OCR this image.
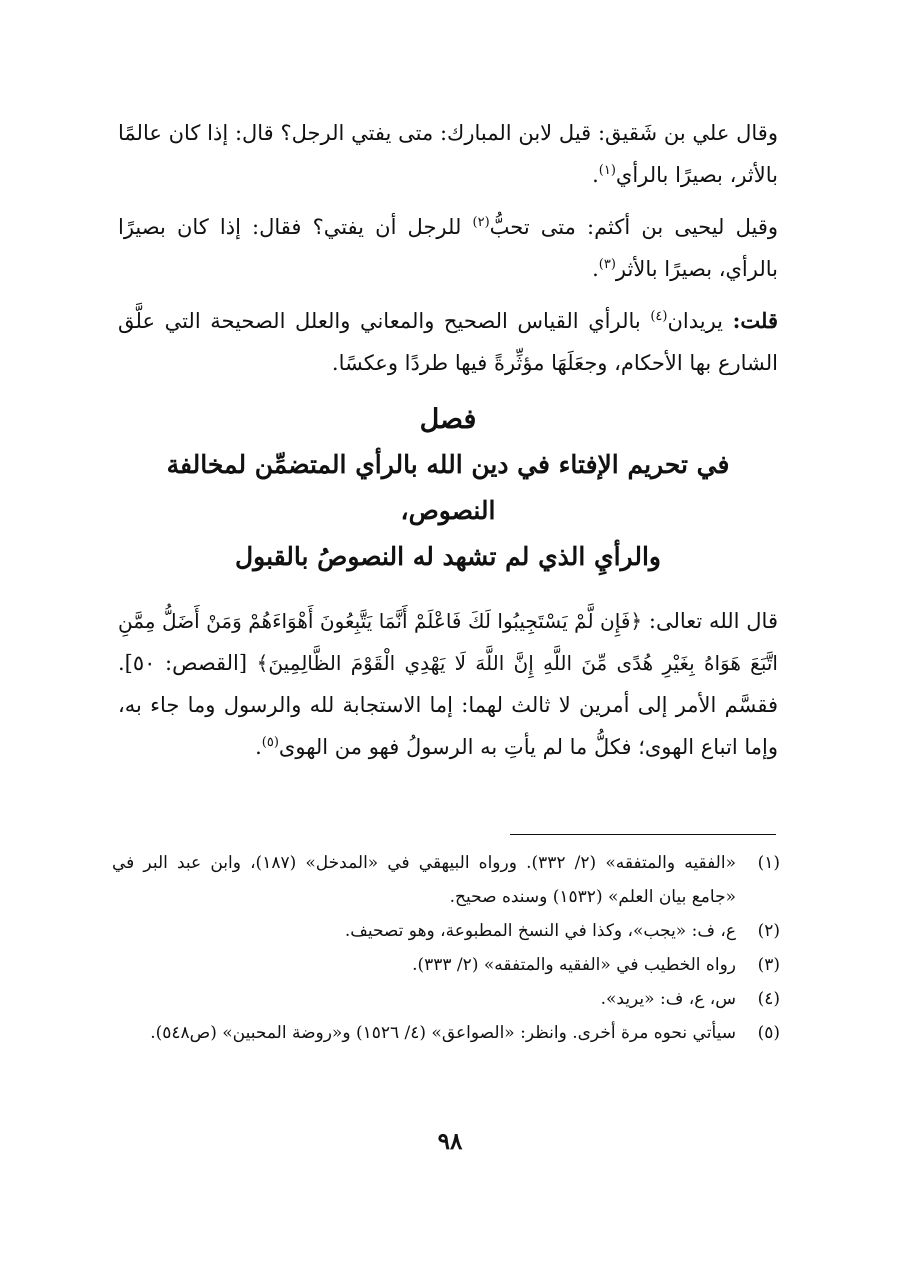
وقال علي بن شَقيق: قيل لابن المبارك: متى يفتي الرجل؟ قال: إذا كان عالمًا بالأثر، بصيرًا بالرأي$^{(١)}$.

وقيل ليحيى بن أكثم: متى تحبُّ$^{(٢)}$ للرجل أن يفتي؟ فقال: إذا كان بصيرًا بالرأي، بصيرًا بالأثر$^{(٣)}$.

قلت: يريدان$^{(٤)}$ بالرأي القياس الصحيح والمعاني والعلل الصحيحة التي علَّق الشارع بها الأحكام، وجعَلَهَا مؤثِّرةً فيها طردًا وعكسًا.

فصل
في تحريم الإفتاء في دين الله بالرأي المتضمِّن لمخالفة النصوص،
والرأيِ الذي لم تشهد له النصوصُ بالقبول

قال الله تعالى: ﴿فَإِن لَّمْ يَسْتَجِيبُوا لَكَ فَاعْلَمْ أَنَّمَا يَتَّبِعُونَ أَهْوَاءَهُمْ وَمَنْ أَضَلُّ مِمَّنِ اتَّبَعَ هَوَاهُ بِغَيْرِ هُدًى مِّنَ اللَّهِ إِنَّ اللَّهَ لَا يَهْدِي الْقَوْمَ الظَّالِمِينَ﴾ [القصص: ٥٠]. فقسَّم الأمر إلى أمرين لا ثالث لهما: إما الاستجابة لله والرسول وما جاء به، وإما اتباع الهوى؛ فكلُّ ما لم يأتِ به الرسولُ فهو من الهوى$^{(٥)}$.

(١)
«الفقيه والمتفقه» (٢/ ٣٣٢). ورواه البيهقي في «المدخل» (١٨٧)، وابن عبد البر في «جامع بيان العلم» (١٥٣٢) وسنده صحيح.
(٢)
ع، ف: «يجب»، وكذا في النسخ المطبوعة، وهو تصحيف.
(٣)
رواه الخطيب في «الفقيه والمتفقه» (٢/ ٣٣٣).
(٤)
س، ع، ف: «يريد».
(٥)
سيأتي نحوه مرة أخرى. وانظر: «الصواعق» (٤/ ١٥٢٦) و«روضة المحبين» (ص٥٤٨).
٩٨
